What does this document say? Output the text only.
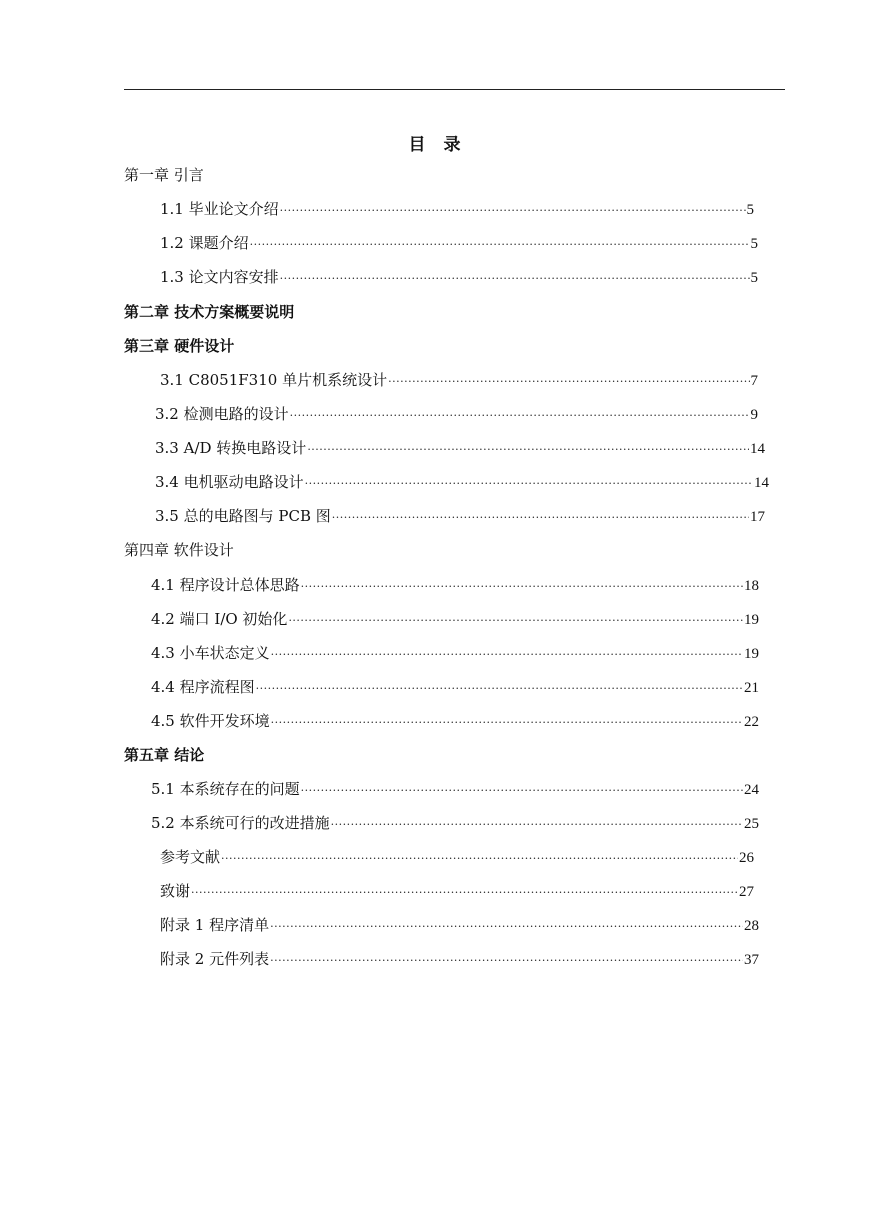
目 录
第一章 引言
1.1 毕业论文介绍 ·····	5
1.2 课题介绍 ·····	5
1.3 论文内容安排 ·····	5
第二章 技术方案概要说明
第三章 硬件设计
3.1 C8051F310 单片机系统设计 ·····	7
3.2 检测电路的设计 ·····	9
3.3 A/D 转换电路设计 ·····	14
3.4 电机驱动电路设计 ·····	14
3.5 总的电路图与 PCB 图 ·····	17
第四章 软件设计
4.1 程序设计总体思路 ·····	18
4.2 端口 I/O 初始化 ·····	19
4.3 小车状态定义 ·····	19
4.4 程序流程图 ·····	21
4.5 软件开发环境 ·····	22
第五章 结论
5.1 本系统存在的问题 ·····	24
5.2 本系统可行的改进措施 ·····	25
参考文献 ·····	26
致谢 ·····	27
附录 1 程序清单 ·····	28
附录 2 元件列表 ·····	37
